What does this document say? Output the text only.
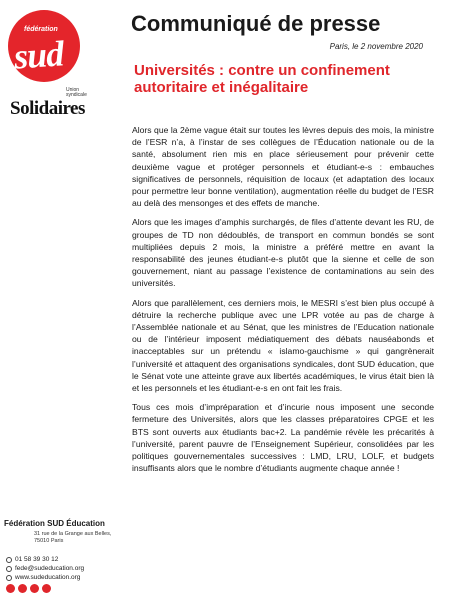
fédération
sud
Union syndicale
Solidaires
Communiqué de presse
Paris, le 2 novembre 2020
Universités : contre un confinement autoritaire et inégalitaire

Alors que la 2ème vague était sur toutes les lèvres depuis des mois, la ministre de l’ESR n’a, à l’instar de ses collègues de l’Éducation nationale ou de la santé, absolument rien mis en place sérieusement pour prévenir cette deuxième vague et protéger personnels et étudiant-e-s : embauches significatives de personnels, réquisition de locaux (et adaptation des locaux pour permettre leur bonne ventilation), augmentation réelle du budget de l’ESR au delà des mensonges et des effets de manche.

Alors que les images d’amphis surchargés, de files d’attente devant les RU, de groupes de TD non dédoublés, de transport en commun bondés se sont multipliées depuis 2 mois, la ministre a préféré mettre en avant la responsabilité des jeunes étudiant-e-s plutôt que la sienne et celle de son gouvernement, niant au passage l’existence de contaminations au sein des universités.

Alors que parallèlement, ces derniers mois, le MESRI s’est bien plus occupé à détruire la recherche publique avec une LPR votée au pas de charge à l’Assemblée nationale et au Sénat, que les ministres de l’Education nationale ou de l’intérieur imposent médiatiquement des débats nauséabonds et inacceptables sur un prétendu « islamo-gauchisme » qui gangrènerait l’université et attaquent des organisations syndicales, dont SUD éducation, que le Sénat vote une atteinte grave aux libertés académiques, le virus était bien là et les personnels et les étudiant-e-s en ont fait les frais.

Tous ces mois d’impréparation et d’incurie nous imposent une seconde fermeture des Universités, alors que les classes préparatoires CPGE et les BTS sont ouverts aux étudiants bac+2. La pandémie révèle les précarités à l’université, parent pauvre de l’Enseignement Supérieur, consolidées par les politiques gouvernementales successives : LMD, LRU, LOLF, et budgets insuffisants alors que le nombre d’étudiants augmente chaque année !

Fédération SUD Éducation
31 rue de la Grange aux Belles, 75010 Paris
01 58 39 30 12
fede@sudeducation.org
www.sudeducation.org
